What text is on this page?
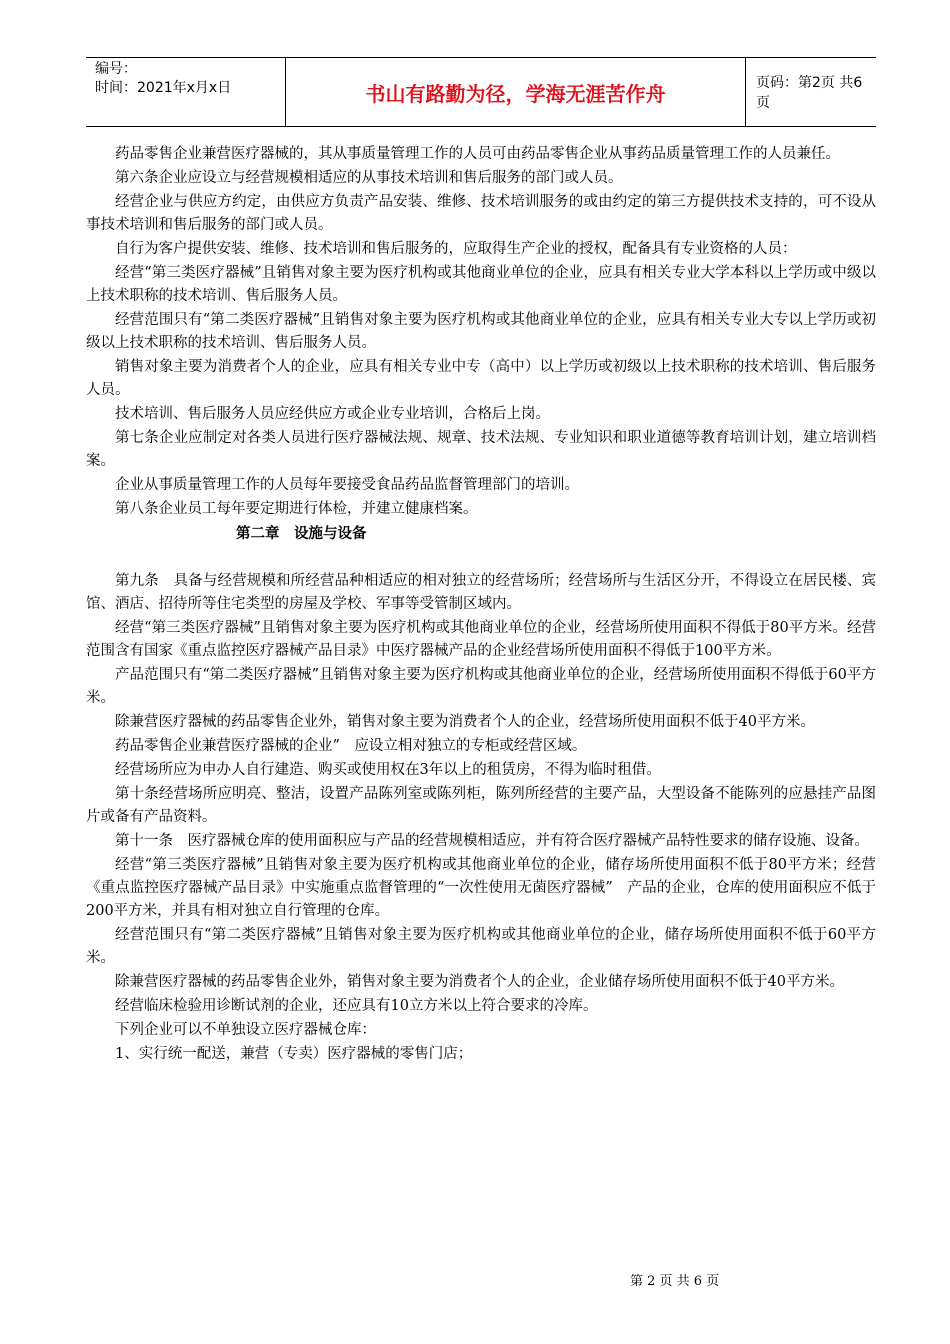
编号：
时间：2021年x月x日	书山有路勤为径，学海无涯苦作舟	页码：第2页 共6页

药品零售企业兼营医疗器械的，其从事质量管理工作的人员可由药品零售企业从事药品质量管理工作的人员兼任。

第六条企业应设立与经营规模相适应的从事技术培训和售后服务的部门或人员。

经营企业与供应方约定，由供应方负责产品安装、维修、技术培训服务的或由约定的第三方提供技术支持的，可不设从事技术培训和售后服务的部门或人员。

自行为客户提供安装、维修、技术培训和售后服务的，应取得生产企业的授权，配备具有专业资格的人员：

经营“第三类医疗器械”且销售对象主要为医疗机构或其他商业单位的企业，应具有相关专业大学本科以上学历或中级以上技术职称的技术培训、售后服务人员。

经营范围只有“第二类医疗器械”且销售对象主要为医疗机构或其他商业单位的企业，应具有相关专业大专以上学历或初级以上技术职称的技术培训、售后服务人员。

销售对象主要为消费者个人的企业，应具有相关专业中专（高中）以上学历或初级以上技术职称的技术培训、售后服务人员。

技术培训、售后服务人员应经供应方或企业专业培训，合格后上岗。

第七条企业应制定对各类人员进行医疗器械法规、规章、技术法规、专业知识和职业道德等教育培训计划，建立培训档案。

企业从事质量管理工作的人员每年要接受食品药品监督管理部门的培训。

第八条企业员工每年要定期进行体检，并建立健康档案。

第二章　设施与设备

第九条　具备与经营规模和所经营品种相适应的相对独立的经营场所；经营场所与生活区分开，不得设立在居民楼、宾馆、酒店、招待所等住宅类型的房屋及学校、军事等受管制区域内。

经营“第三类医疗器械”且销售对象主要为医疗机构或其他商业单位的企业，经营场所使用面积不得低于80平方米。经营范围含有国家《重点监控医疗器械产品目录》中医疗器械产品的企业经营场所使用面积不得低于100平方米。

产品范围只有“第二类医疗器械”且销售对象主要为医疗机构或其他商业单位的企业，经营场所使用面积不得低于60平方米。

除兼营医疗器械的药品零售企业外，销售对象主要为消费者个人的企业，经营场所使用面积不低于40平方米。

药品零售企业兼营医疗器械的企业”　应设立相对独立的专柜或经营区域。

经营场所应为申办人自行建造、购买或使用权在3年以上的租赁房，不得为临时租借。

第十条经营场所应明亮、整洁，设置产品陈列室或陈列柜，陈列所经营的主要产品，大型设备不能陈列的应悬挂产品图片或备有产品资料。

第十一条　医疗器械仓库的使用面积应与产品的经营规模相适应，并有符合医疗器械产品特性要求的储存设施、设备。

经营“第三类医疗器械”且销售对象主要为医疗机构或其他商业单位的企业，储存场所使用面积不低于80平方米；经营《重点监控医疗器械产品目录》中实施重点监督管理的“一次性使用无菌医疗器械”　产品的企业，仓库的使用面积应不低于200平方米，并具有相对独立自行管理的仓库。

经营范围只有“第二类医疗器械”且销售对象主要为医疗机构或其他商业单位的企业，储存场所使用面积不低于60平方米。

除兼营医疗器械的药品零售企业外，销售对象主要为消费者个人的企业，企业储存场所使用面积不低于40平方米。

经营临床检验用诊断试剂的企业，还应具有10立方米以上符合要求的冷库。

下列企业可以不单独设立医疗器械仓库：

1、实行统一配送，兼营（专卖）医疗器械的零售门店；

第 2 页 共 6 页
